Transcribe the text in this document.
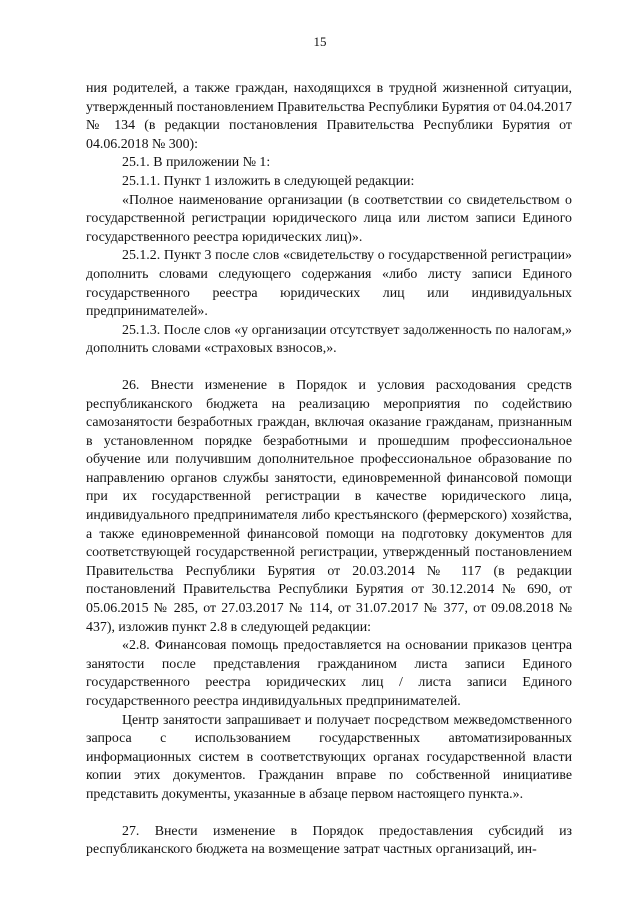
15

ния родителей, а также граждан, находящихся в трудной жизненной ситуации, утвержденный постановлением Правительства Республики Бурятия от 04.04.2017 № 134 (в редакции постановления Правительства Республики Бурятия от 04.06.2018 № 300):

25.1. В приложении № 1:

25.1.1. Пункт 1 изложить в следующей редакции:

«Полное наименование организации (в соответствии со свидетельством о государственной регистрации юридического лица или листом записи Единого государственного реестра юридических лиц)».

25.1.2. Пункт 3 после слов «свидетельству о государственной регистрации» дополнить словами следующего содержания «либо листу записи Единого государственного реестра юридических лиц или индивидуальных предпринимателей».

25.1.3. После слов «у организации отсутствует задолженность по налогам,» дополнить словами «страховых взносов,».

26. Внести изменение в Порядок и условия расходования средств республиканского бюджета на реализацию мероприятия по содействию самозанятости безработных граждан, включая оказание гражданам, признанным в установленном порядке безработными и прошедшим профессиональное обучение или получившим дополнительное профессиональное образование по направлению органов службы занятости, единовременной финансовой помощи при их государственной регистрации в качестве юридического лица, индивидуального предпринимателя либо крестьянского (фермерского) хозяйства, а также единовременной финансовой помощи на подготовку документов для соответствующей государственной регистрации, утвержденный постановлением Правительства Республики Бурятия от 20.03.2014 № 117 (в редакции постановлений Правительства Республики Бурятия от 30.12.2014 № 690, от 05.06.2015 № 285, от 27.03.2017 № 114, от 31.07.2017 № 377, от 09.08.2018 № 437), изложив пункт 2.8 в следующей редакции:

«2.8. Финансовая помощь предоставляется на основании приказов центра занятости после представления гражданином листа записи Единого государственного реестра юридических лиц / листа записи Единого государственного реестра индивидуальных предпринимателей.

Центр занятости запрашивает и получает посредством межведомственного запроса с использованием государственных автоматизированных информационных систем в соответствующих органах государственной власти копии этих документов. Гражданин вправе по собственной инициативе представить документы, указанные в абзаце первом настоящего пункта.».

27. Внести изменение в Порядок предоставления субсидий из республиканского бюджета на возмещение затрат частных организаций, ин-
